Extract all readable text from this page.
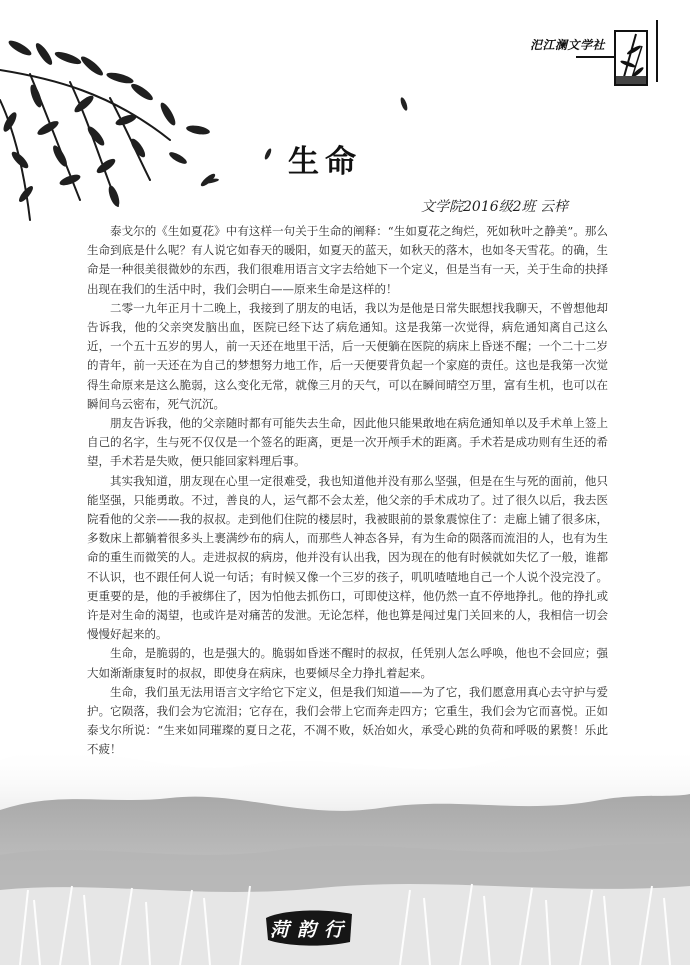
汜江澜文学社
生命
文学院2016级2班 云梓

泰戈尔的《生如夏花》中有这样一句关于生命的阐释：“生如夏花之绚烂，死如秋叶之静美”。那么生命到底是什么呢？有人说它如春天的暖阳，如夏天的蓝天，如秋天的落木，也如冬天雪花。的确，生命是一种很美很微妙的东西，我们很难用语言文字去给她下一个定义，但是当有一天，关于生命的抉择出现在我们的生活中时，我们会明白——原来生命是这样的！

二零一九年正月十二晚上，我接到了朋友的电话，我以为是他是日常失眠想找我聊天，不曾想他却告诉我，他的父亲突发脑出血，医院已经下达了病危通知。这是我第一次觉得，病危通知离自己这么近，一个五十五岁的男人，前一天还在地里干活，后一天便躺在医院的病床上昏迷不醒；一个二十二岁的青年，前一天还在为自己的梦想努力地工作，后一天便要背负起一个家庭的责任。这也是我第一次觉得生命原来是这么脆弱，这么变化无常，就像三月的天气，可以在瞬间晴空万里，富有生机，也可以在瞬间乌云密布，死气沉沉。

朋友告诉我，他的父亲随时都有可能失去生命，因此他只能果敢地在病危通知单以及手术单上签上自己的名字，生与死不仅仅是一个签名的距离，更是一次开颅手术的距离。手术若是成功则有生还的希望，手术若是失败，便只能回家料理后事。

其实我知道，朋友现在心里一定很难受，我也知道他并没有那么坚强，但是在生与死的面前，他只能坚强，只能勇敢。不过，善良的人，运气都不会太差，他父亲的手术成功了。过了很久以后，我去医院看他的父亲——我的叔叔。走到他们住院的楼层时，我被眼前的景象震惊住了：走廊上铺了很多床，多数床上都躺着很多头上裹满纱布的病人，而那些人神态各异，有为生命的陨落而流泪的人，也有为生命的重生而微笑的人。走进叔叔的病房，他并没有认出我，因为现在的他有时候就如失忆了一般，谁都不认识，也不跟任何人说一句话；有时候又像一个三岁的孩子，叽叽喳喳地自己一个人说个没完没了。更重要的是，他的手被绑住了，因为怕他去抓伤口，可即使这样，他仍然一直不停地挣扎。他的挣扎或许是对生命的渴望，也或许是对痛苦的发泄。无论怎样，他也算是闯过鬼门关回来的人，我相信一切会慢慢好起来的。

生命，是脆弱的，也是强大的。脆弱如昏迷不醒时的叔叔，任凭别人怎么呼唤，他也不会回应；强大如渐渐康复时的叔叔，即使身在病床，也要倾尽全力挣扎着起来。

生命，我们虽无法用语言文字给它下定义，但是我们知道——为了它，我们愿意用真心去守护与爱护。它陨落，我们会为它流泪；它存在，我们会带上它而奔走四方；它重生，我们会为它而喜悦。正如泰戈尔所说：“生来如同璀璨的夏日之花，不凋不败，妖冶如火，承受心跳的负荷和呼吸的累赘！乐此不疲！

菏韵行
